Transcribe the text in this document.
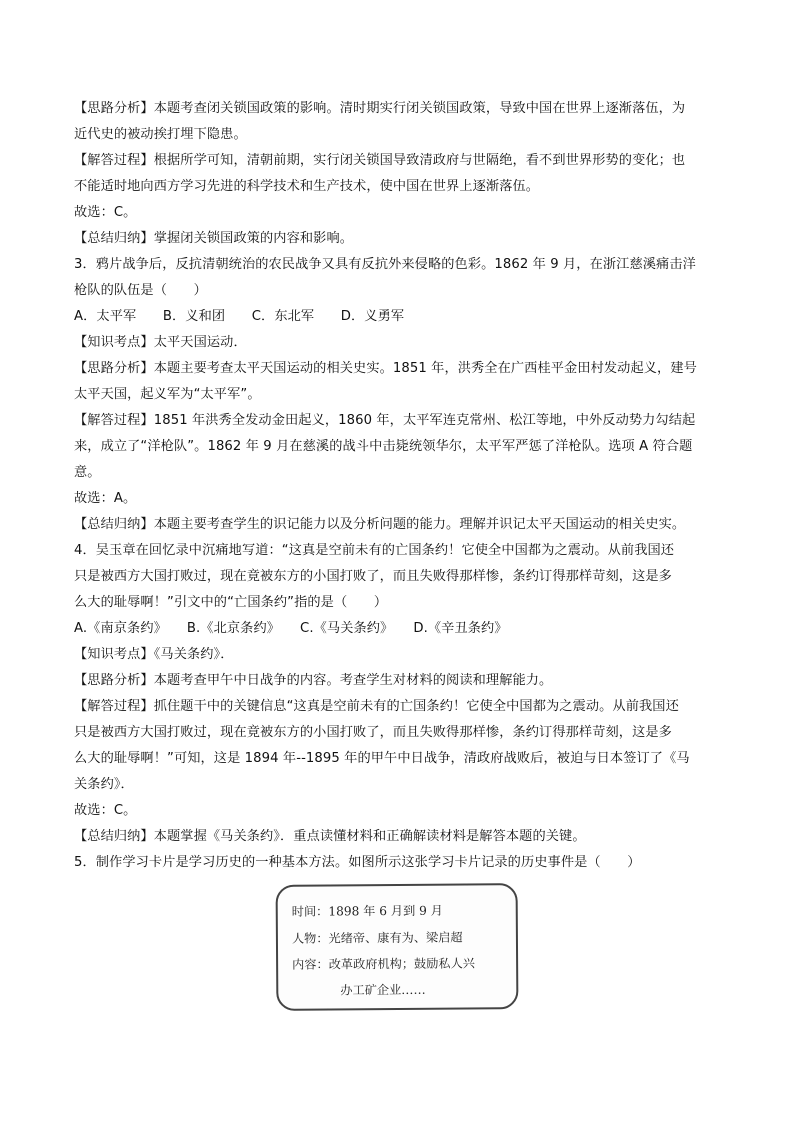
【思路分析】本题考查闭关锁国政策的影响。清时期实行闭关锁国政策，导致中国在世界上逐渐落伍，为
近代史的被动挨打埋下隐患。
【解答过程】根据所学可知，清朝前期，实行闭关锁国导致清政府与世隔绝，看不到世界形势的变化；也
不能适时地向西方学习先进的科学技术和生产技术，使中国在世界上逐渐落伍。
故选：C。
【总结归纳】掌握闭关锁国政策的内容和影响。
3．鸦片战争后，反抗清朝统治的农民战争又具有反抗外来侵略的色彩。1862 年 9 月，在浙江慈溪痛击洋
枪队的队伍是（　　）
A．太平军　　B．义和团　　C．东北军　　D．义勇军
【知识考点】太平天国运动．
【思路分析】本题主要考查太平天国运动的相关史实。1851 年，洪秀全在广西桂平金田村发动起义，建号
太平天国，起义军为“太平军”。
【解答过程】1851 年洪秀全发动金田起义，1860 年，太平军连克常州、松江等地，中外反动势力勾结起
来，成立了“洋枪队”。1862 年 9 月在慈溪的战斗中击毙统领华尔，太平军严惩了洋枪队。选项 A 符合题
意。
故选：A。
【总结归纳】本题主要考查学生的识记能力以及分析问题的能力。理解并识记太平天国运动的相关史实。
4．吴玉章在回忆录中沉痛地写道：“这真是空前未有的亡国条约！它使全中国都为之震动。从前我国还
只是被西方大国打败过，现在竟被东方的小国打败了，而且失败得那样惨，条约订得那样苛刻，这是多
么大的耻辱啊！”引文中的“亡国条约”指的是（　　）
A.《南京条约》　　B.《北京条约》　　C.《马关条约》　　D.《辛丑条约》
【知识考点】《马关条约》．
【思路分析】本题考查甲午中日战争的内容。考查学生对材料的阅读和理解能力。
【解答过程】抓住题干中的关键信息“这真是空前未有的亡国条约！它使全中国都为之震动。从前我国还
只是被西方大国打败过，现在竟被东方的小国打败了，而且失败得那样惨，条约订得那样苛刻，这是多
么大的耻辱啊！”可知，这是 1894 年--1895 年的甲午中日战争，清政府战败后，被迫与日本签订了《马
关条约》．
故选：C。
【总结归纳】本题掌握《马关条约》．重点读懂材料和正确解读材料是解答本题的关键。
5．制作学习卡片是学习历史的一种基本方法。如图所示这张学习卡片记录的历史事件是（　　）
时间：1898 年 6 月到 9 月
人物：光绪帝、康有为、梁启超
内容：改革政府机构；鼓励私人兴
办工矿企业……
